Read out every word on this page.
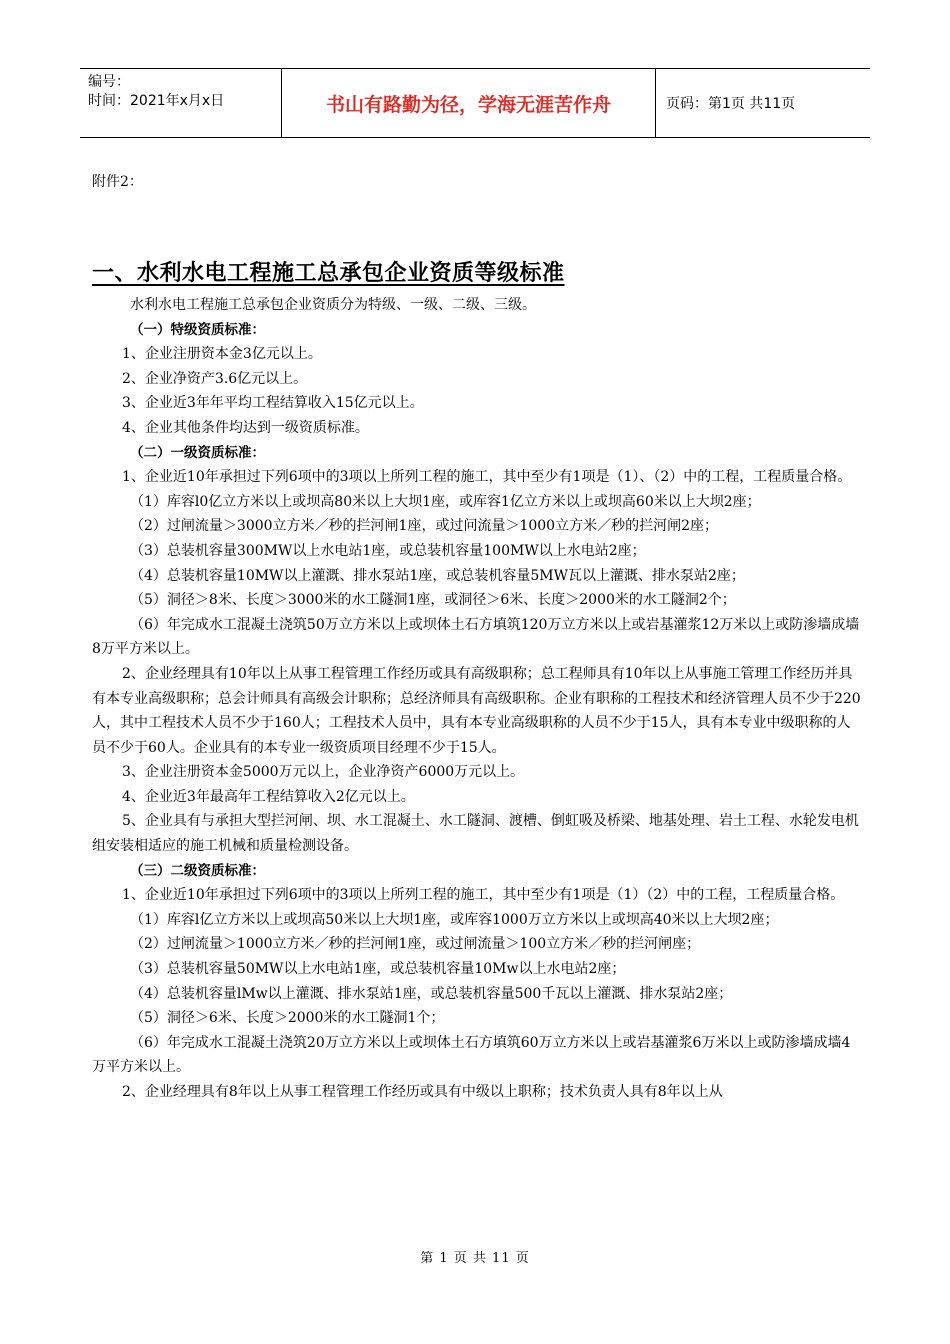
编号：
时间：2021年x月x日	书山有路勤为径，学海无涯苦作舟	页码：第1页 共11页
附件2：
一、水利水电工程施工总承包企业资质等级标准

水利水电工程施工总承包企业资质分为特级、一级、二级、三级。

（一）特级资质标准：

1、企业注册资本金3亿元以上。

2、企业净资产3.6亿元以上。

3、企业近3年年平均工程结算收入15亿元以上。

4、企业其他条件均达到一级资质标准。

（二）一级资质标准：

1、企业近10年承担过下列6项中的3项以上所列工程的施工，其中至少有1项是（1）、（2）中的工程，工程质量合格。

（1）库容l0亿立方米以上或坝高80米以上大坝1座，或库容1亿立方米以上或坝高60米以上大坝2座；

（2）过闸流量＞3000立方米／秒的拦河闸1座，或过问流量＞1000立方米／秒的拦河闸2座；

（3）总装机容量300MW以上水电站1座，或总装机容量100MW以上水电站2座；

（4）总装机容量10MW以上灌溉、排水泵站1座，或总装机容量5MW瓦以上灌溉、排水泵站2座；

（5）洞径＞8米、长度＞3000米的水工隧洞1座，或洞径＞6米、长度＞2000米的水工隧洞2个；

（6）年完成水工混凝土浇筑50万立方米以上或坝体土石方填筑120万立方米以上或岩基灌浆12万米以上或防渗墙成墙8万平方米以上。

2、企业经理具有10年以上从事工程管理工作经历或具有高级职称；总工程师具有10年以上从事施工管理工作经历并具有本专业高级职称；总会计师具有高级会计职称；总经济师具有高级职称。企业有职称的工程技术和经济管理人员不少于220人，其中工程技术人员不少于160人；工程技术人员中，具有本专业高级职称的人员不少于15人，具有本专业中级职称的人员不少于60人。企业具有的本专业一级资质项目经理不少于15人。

3、企业注册资本金5000万元以上，企业净资产6000万元以上。

4、企业近3年最高年工程结算收入2亿元以上。

5、企业具有与承担大型拦河闸、坝、水工混凝土、水工隧洞、渡槽、倒虹吸及桥梁、地基处理、岩土工程、水轮发电机组安装相适应的施工机械和质量检测设备。

（三）二级资质标准：

1、企业近10年承担过下列6项中的3项以上所列工程的施工，其中至少有1项是（1）（2）中的工程，工程质量合格。

（1）库容l亿立方米以上或坝高50米以上大坝1座，或库容1000万立方米以上或坝高40米以上大坝2座；

（2）过闸流量＞1000立方米／秒的拦河闸1座，或过闸流量＞100立方米／秒的拦河闸座；

（3）总装机容量50MW以上水电站1座，或总装机容量10Mw以上水电站2座；

（4）总装机容量lMw以上灌溉、排水泵站1座，或总装机容量500千瓦以上灌溉、排水泵站2座；

（5）洞径＞6米、长度＞2000米的水工隧洞1个；

（6）年完成水工混凝土浇筑20万立方米以上或坝体土石方填筑60万立方米以上或岩基灌浆6万米以上或防渗墙成墙4万平方米以上。

2、企业经理具有8年以上从事工程管理工作经历或具有中级以上职称；技术负责人具有8年以上从

第 1 页 共 11 页
